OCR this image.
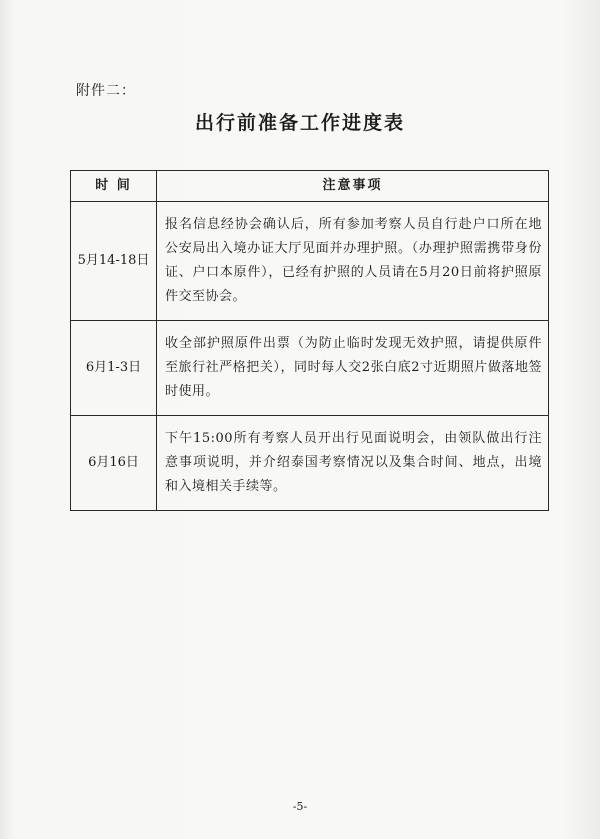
附件二：
出行前准备工作进度表
时 间	注意事项
5月14-18日	报名信息经协会确认后，所有参加考察人员自行赴户口所在地公安局出入境办证大厅见面并办理护照。（办理护照需携带身份证、户口本原件），已经有护照的人员请在5月20日前将护照原件交至协会。
6月1-3日	收全部护照原件出票（为防止临时发现无效护照，请提供原件至旅行社严格把关），同时每人交2张白底2寸近期照片做落地签时使用。
6月16日	下午15:00所有考察人员开出行见面说明会，由领队做出行注意事项说明，并介绍泰国考察情况以及集合时间、地点，出境和入境相关手续等。
-5-
